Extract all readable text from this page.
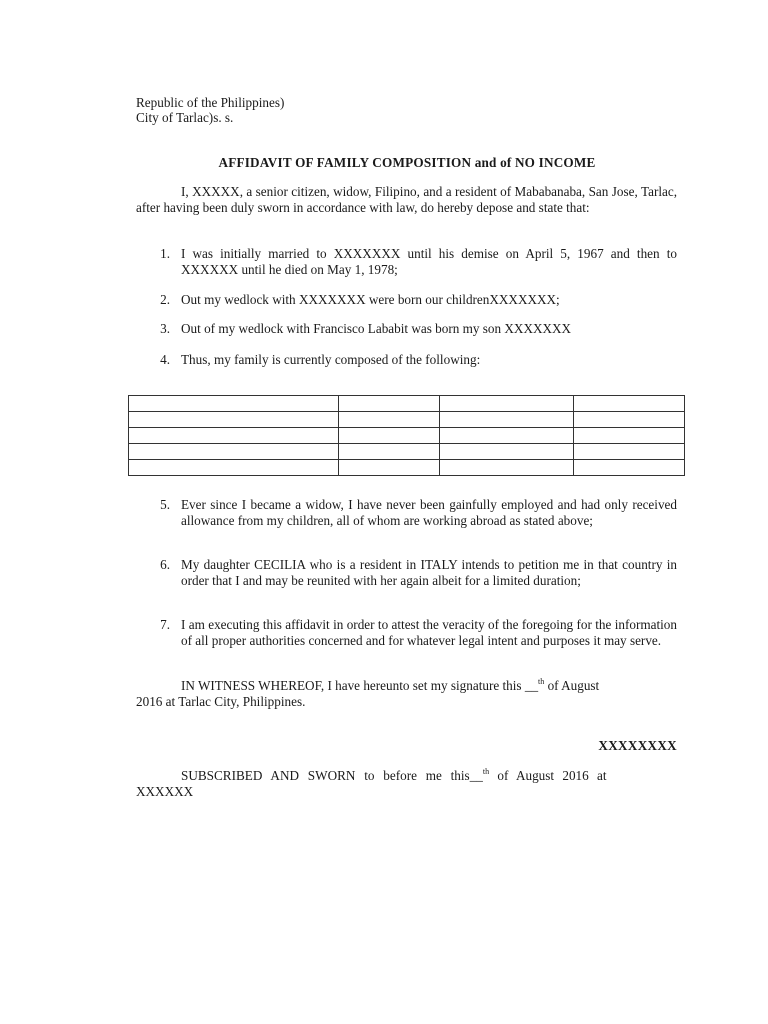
Republic of the Philippines)
City of Tarlac)s. s.
AFFIDAVIT OF FAMILY COMPOSITION and of NO INCOME
I, XXXXX, a senior citizen, widow, Filipino, and a resident of Mababanaba, San Jose, Tarlac, after having been duly sworn in accordance with law, do hereby depose and state that:
1. I was initially married to XXXXXXX until his demise on April 5, 1967 and then to XXXXXX until he died on May 1, 1978;
2. Out my wedlock with XXXXXXX were born our childrenXXXXXXX;
3. Out of my wedlock with Francisco Lababit was born my son XXXXXXX
4. Thus, my family is currently composed of the following:

5. Ever since I became a widow, I have never been gainfully employed and had only received allowance from my children, all of whom are working abroad as stated above;
6. My daughter CECILIA who is a resident in ITALY intends to petition me in that country in order that I and may be reunited with her again albeit for a limited duration;
7. I am executing this affidavit in order to attest the veracity of the foregoing for the information of all proper authorities concerned and for whatever legal intent and purposes it may serve.
IN WITNESS WHEREOF, I have hereunto set my signature this __$^{th}$ of August
2016 at Tarlac City, Philippines.
XXXXXXXX
SUBSCRIBED AND SWORN to before me this __$^{th}$ of August 2016 at
XXXXXX
